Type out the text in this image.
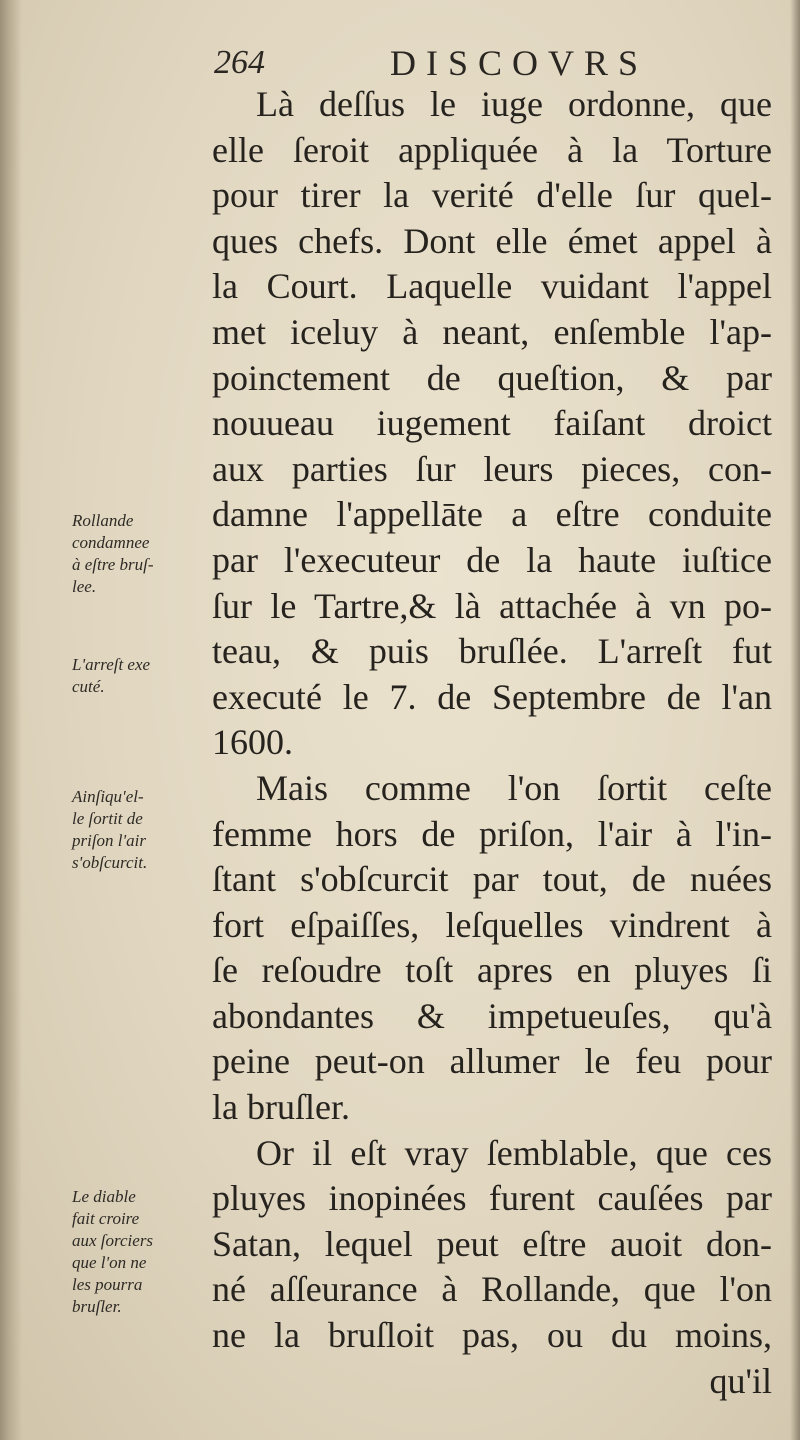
264	DISCOVRS
Là deſſus le iuge ordonne, que
elle ſeroit appliquée à la Torture
pour tirer la verité d'elle ſur quel-
ques chefs. Dont elle émet appel à
la Court. Laquelle vuidant l'appel
met iceluy à neant, enſemble l'ap-
poinctement de queſtion, & par
nouueau iugement faiſant droict
aux parties ſur leurs pieces, con-
damne l'appellāte a eſtre conduite
par l'executeur de la haute iuſtice
ſur le Tartre,& là attachée à vn po-
teau, & puis bruſlée. L'arreſt fut
executé le 7. de Septembre de l'an
1600.
Mais comme l'on ſortit ceſte
femme hors de priſon, l'air à l'in-
ſtant s'obſcurcit par tout, de nuées
fort eſpaiſſes, leſquelles vindrent à
ſe reſoudre toſt apres en pluyes ſi
abondantes & impetueuſes, qu'à
peine peut-on allumer le feu pour
la bruſler.
Or il eſt vray ſemblable, que ces
pluyes inopinées furent cauſées par
Satan, lequel peut eſtre auoit don-
né aſſeurance à Rollande, que l'on
ne la bruſloit pas, ou du moins,
qu'il
Rollande
condamnee
à eſtre bruſ-
lee.
L'arreſt exe
cuté.
Ainſiqu'el-
le ſortit de
priſon l'air
s'obſcurcit.
Le diable
fait croire
aux ſorciers
que l'on ne
les pourra
bruſler.
